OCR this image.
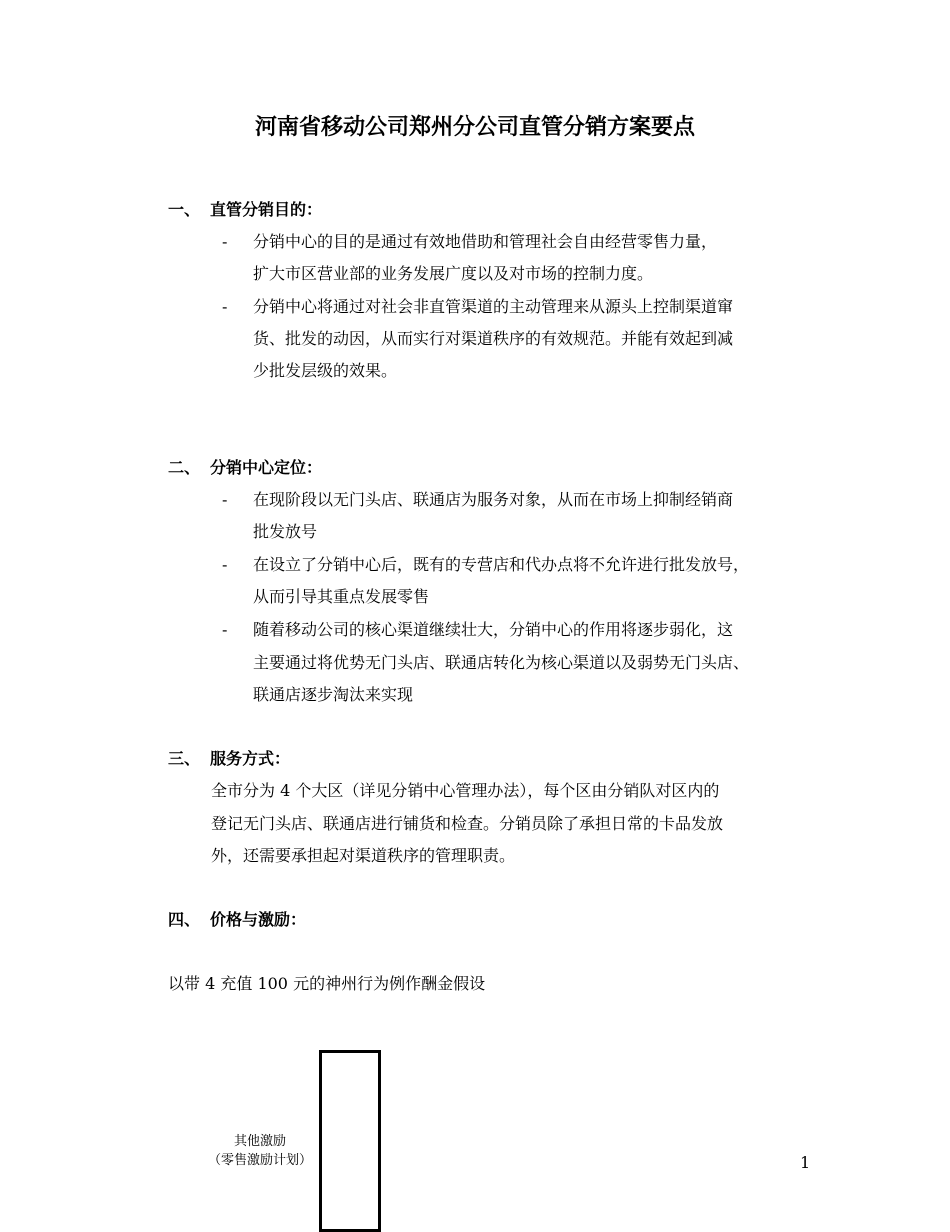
河南省移动公司郑州分公司直管分销方案要点
一、 直管分销目的：
- 分销中心的目的是通过有效地借助和管理社会自由经营零售力量，
扩大市区营业部的业务发展广度以及对市场的控制力度。
- 分销中心将通过对社会非直管渠道的主动管理来从源头上控制渠道窜
货、批发的动因，从而实行对渠道秩序的有效规范。并能有效起到减
少批发层级的效果。
二、 分销中心定位：
- 在现阶段以无门头店、联通店为服务对象，从而在市场上抑制经销商
批发放号
- 在设立了分销中心后，既有的专营店和代办点将不允许进行批发放号，
从而引导其重点发展零售
- 随着移动公司的核心渠道继续壮大，分销中心的作用将逐步弱化，这
主要通过将优势无门头店、联通店转化为核心渠道以及弱势无门头店、
联通店逐步淘汰来实现
三、 服务方式：
全市分为 4 个大区（详见分销中心管理办法），每个区由分销队对区内的
登记无门头店、联通店进行铺货和检查。分销员除了承担日常的卡品发放
外，还需要承担起对渠道秩序的管理职责。
四、 价格与激励：
以带 4 充值 100 元的神州行为例作酬金假设
其他激励
（零售激励计划）	1
